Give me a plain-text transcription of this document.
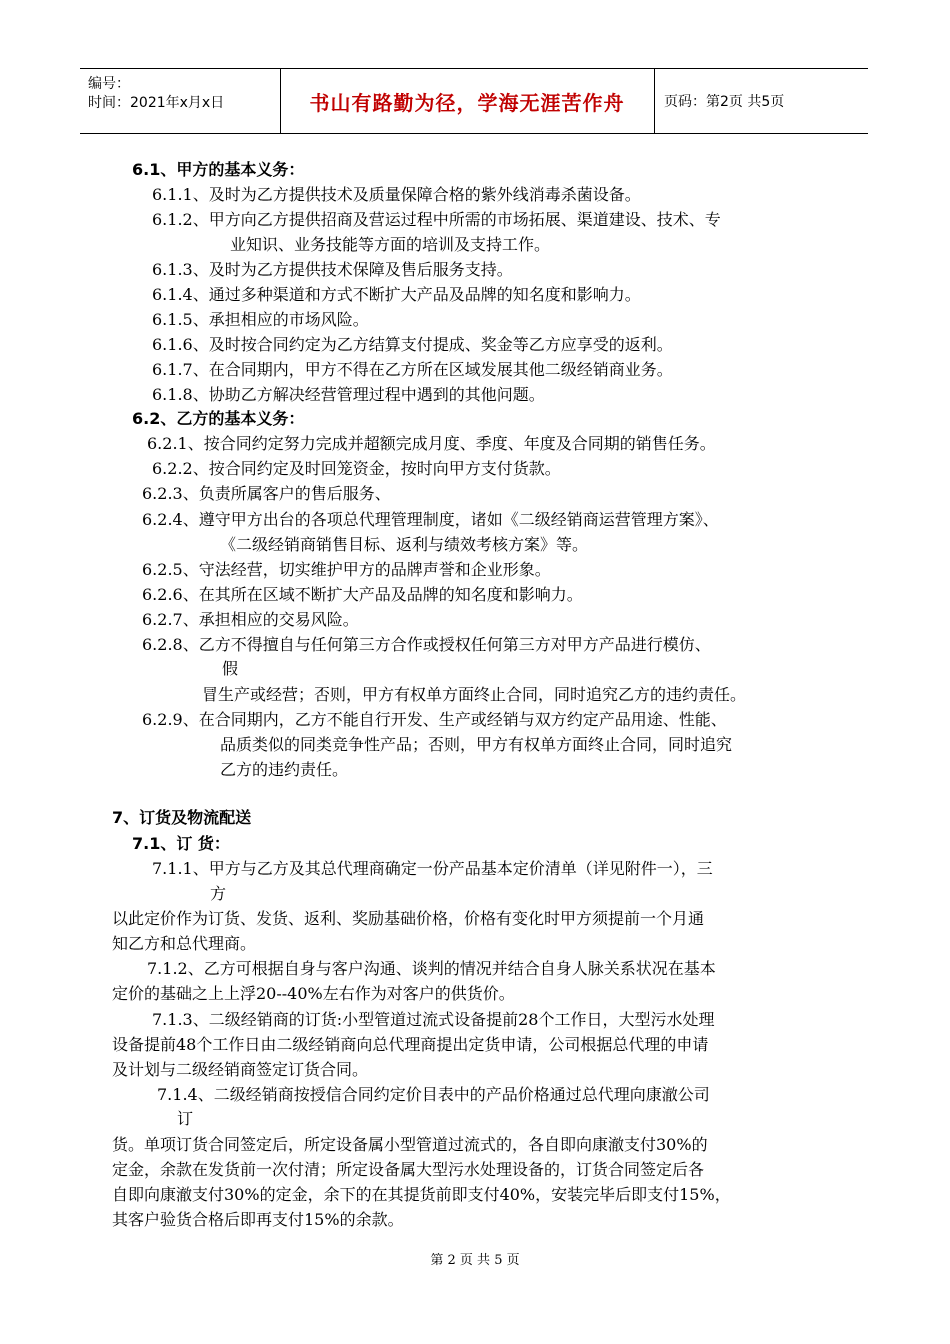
编号：
时间：2021年x月x日	书山有路勤为径，学海无涯苦作舟	页码：第2页 共5页
6.1、甲方的基本义务：
6.1.1、及时为乙方提供技术及质量保障合格的紫外线消毒杀菌设备。
6.1.2、甲方向乙方提供招商及营运过程中所需的市场拓展、渠道建设、技术、专
业知识、业务技能等方面的培训及支持工作。
6.1.3、及时为乙方提供技术保障及售后服务支持。
6.1.4、通过多种渠道和方式不断扩大产品及品牌的知名度和影响力。
6.1.5、承担相应的市场风险。
6.1.6、及时按合同约定为乙方结算支付提成、奖金等乙方应享受的返利。
6.1.7、在合同期内，甲方不得在乙方所在区域发展其他二级经销商业务。
6.1.8、协助乙方解决经营管理过程中遇到的其他问题。
6.2、乙方的基本义务：
6.2.1、按合同约定努力完成并超额完成月度、季度、年度及合同期的销售任务。
6.2.2、按合同约定及时回笼资金，按时向甲方支付货款。
6.2.3、负责所属客户的售后服务、
6.2.4、遵守甲方出台的各项总代理管理制度，诸如《二级经销商运营管理方案》、
《二级经销商销售目标、返利与绩效考核方案》等。
6.2.5、守法经营，切实维护甲方的品牌声誉和企业形象。
6.2.6、在其所在区域不断扩大产品及品牌的知名度和影响力。
6.2.7、承担相应的交易风险。
6.2.8、乙方不得擅自与任何第三方合作或授权任何第三方对甲方产品进行模仿、
假
冒生产或经营；否则，甲方有权单方面终止合同，同时追究乙方的违约责任。
6.2.9、在合同期内，乙方不能自行开发、生产或经销与双方约定产品用途、性能、
品质类似的同类竞争性产品；否则，甲方有权单方面终止合同，同时追究
乙方的违约责任。
7、订货及物流配送
7.1、订 货：
7.1.1、甲方与乙方及其总代理商确定一份产品基本定价清单（详见附件一），三
方
以此定价作为订货、发货、返利、奖励基础价格，价格有变化时甲方须提前一个月通
知乙方和总代理商。
7.1.2、乙方可根据自身与客户沟通、谈判的情况并结合自身人脉关系状况在基本
定价的基础之上上浮20--40%左右作为对客户的供货价。
7.1.3、二级经销商的订货:小型管道过流式设备提前28个工作日，大型污水处理
设备提前48个工作日由二级经销商向总代理商提出定货申请，公司根据总代理的申请
及计划与二级经销商签定订货合同。
7.1.4、二级经销商按授信合同约定价目表中的产品价格通过总代理向康澈公司
订
货。单项订货合同签定后，所定设备属小型管道过流式的，各自即向康澈支付30%的
定金，余款在发货前一次付清；所定设备属大型污水处理设备的，订货合同签定后各
自即向康澈支付30%的定金，余下的在其提货前即支付40%，安装完毕后即支付15%，
其客户验货合格后即再支付15%的余款。
第 2 页 共 5 页
